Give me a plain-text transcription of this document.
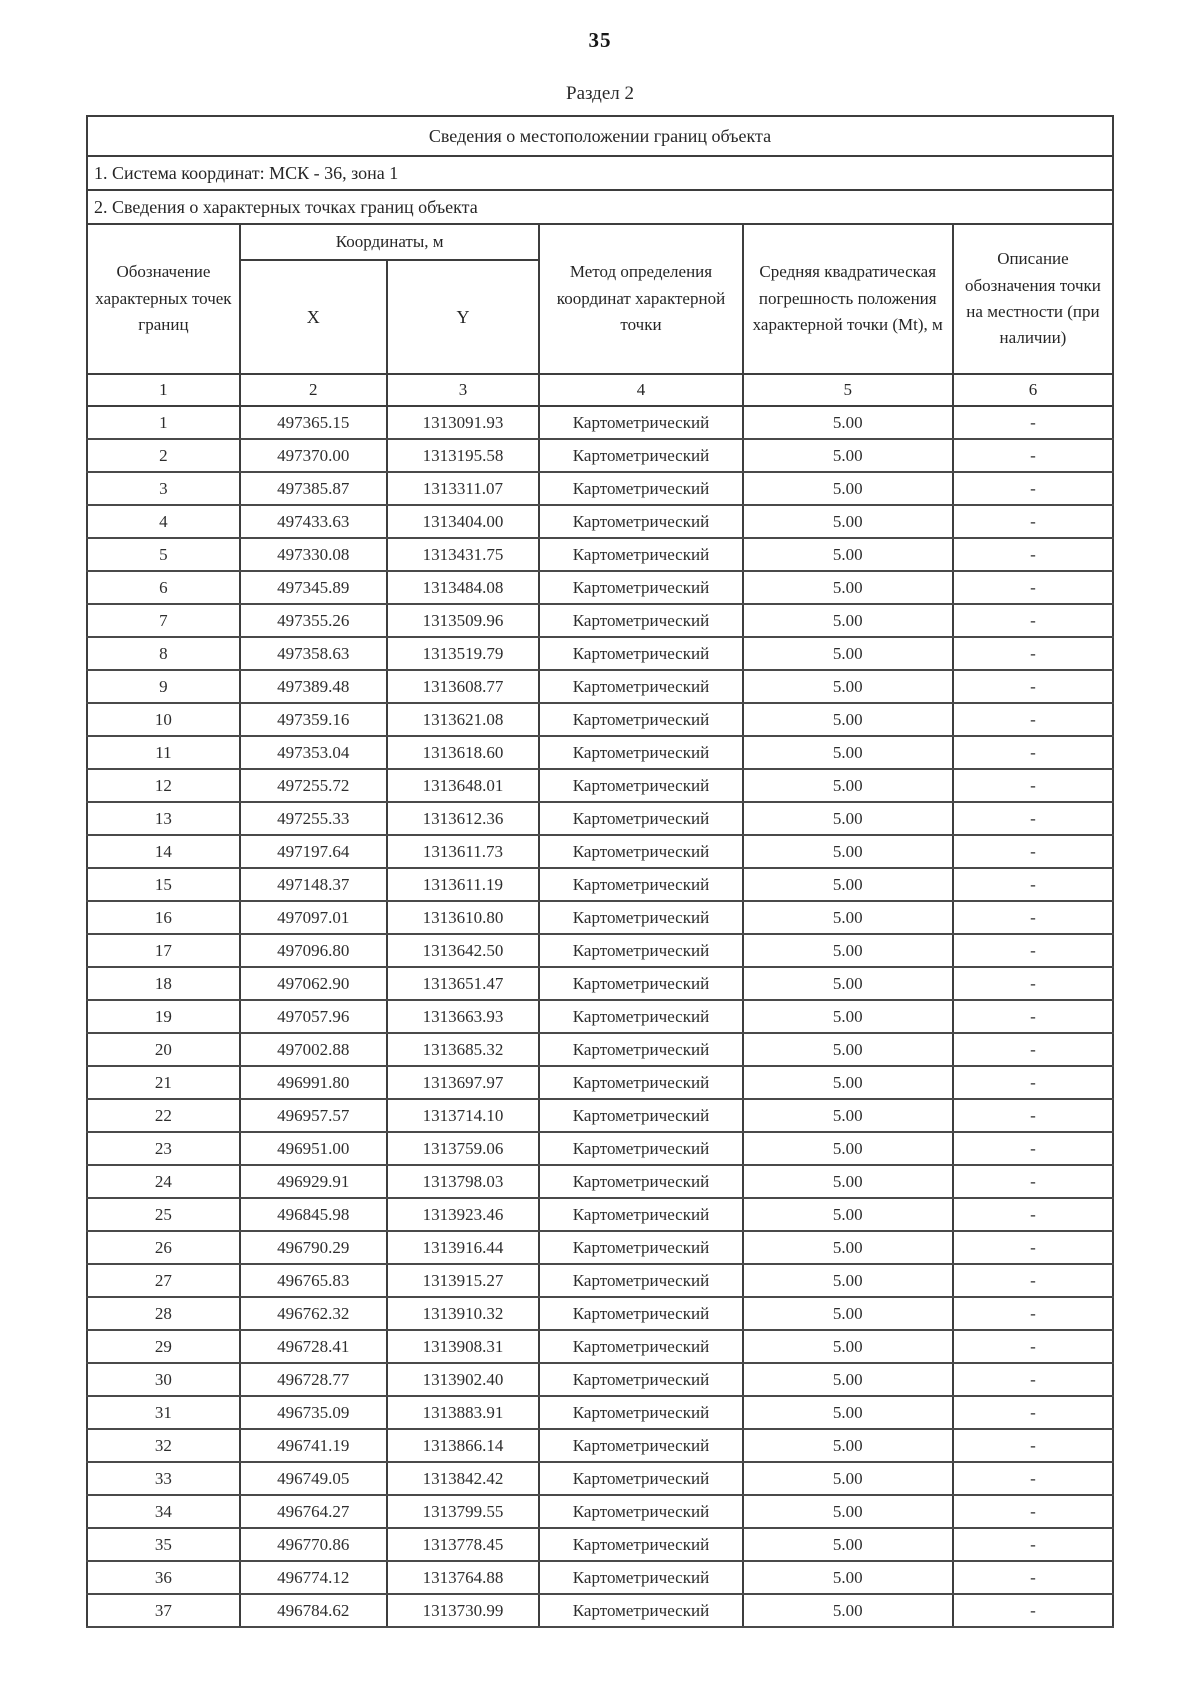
35
Раздел 2
Сведения о местоположении границ объекта					
1. Система координат: МСК - 36, зона 1					
2. Сведения о характерных точках границ объекта					
Обозначение характерных точек границ	Координаты, м		Метод определения координат характерной точки	Средняя квадратическая погрешность положения характерной точки (Mt), м	Описание обозначения точки на местности (при наличии)
	X	Y			
1	2	3	4	5	6
1	497365.15	1313091.93	Картометрический	5.00	-
2	497370.00	1313195.58	Картометрический	5.00	-
3	497385.87	1313311.07	Картометрический	5.00	-
4	497433.63	1313404.00	Картометрический	5.00	-
5	497330.08	1313431.75	Картометрический	5.00	-
6	497345.89	1313484.08	Картометрический	5.00	-
7	497355.26	1313509.96	Картометрический	5.00	-
8	497358.63	1313519.79	Картометрический	5.00	-
9	497389.48	1313608.77	Картометрический	5.00	-
10	497359.16	1313621.08	Картометрический	5.00	-
11	497353.04	1313618.60	Картометрический	5.00	-
12	497255.72	1313648.01	Картометрический	5.00	-
13	497255.33	1313612.36	Картометрический	5.00	-
14	497197.64	1313611.73	Картометрический	5.00	-
15	497148.37	1313611.19	Картометрический	5.00	-
16	497097.01	1313610.80	Картометрический	5.00	-
17	497096.80	1313642.50	Картометрический	5.00	-
18	497062.90	1313651.47	Картометрический	5.00	-
19	497057.96	1313663.93	Картометрический	5.00	-
20	497002.88	1313685.32	Картометрический	5.00	-
21	496991.80	1313697.97	Картометрический	5.00	-
22	496957.57	1313714.10	Картометрический	5.00	-
23	496951.00	1313759.06	Картометрический	5.00	-
24	496929.91	1313798.03	Картометрический	5.00	-
25	496845.98	1313923.46	Картометрический	5.00	-
26	496790.29	1313916.44	Картометрический	5.00	-
27	496765.83	1313915.27	Картометрический	5.00	-
28	496762.32	1313910.32	Картометрический	5.00	-
29	496728.41	1313908.31	Картометрический	5.00	-
30	496728.77	1313902.40	Картометрический	5.00	-
31	496735.09	1313883.91	Картометрический	5.00	-
32	496741.19	1313866.14	Картометрический	5.00	-
33	496749.05	1313842.42	Картометрический	5.00	-
34	496764.27	1313799.55	Картометрический	5.00	-
35	496770.86	1313778.45	Картометрический	5.00	-
36	496774.12	1313764.88	Картометрический	5.00	-
37	496784.62	1313730.99	Картометрический	5.00	-
